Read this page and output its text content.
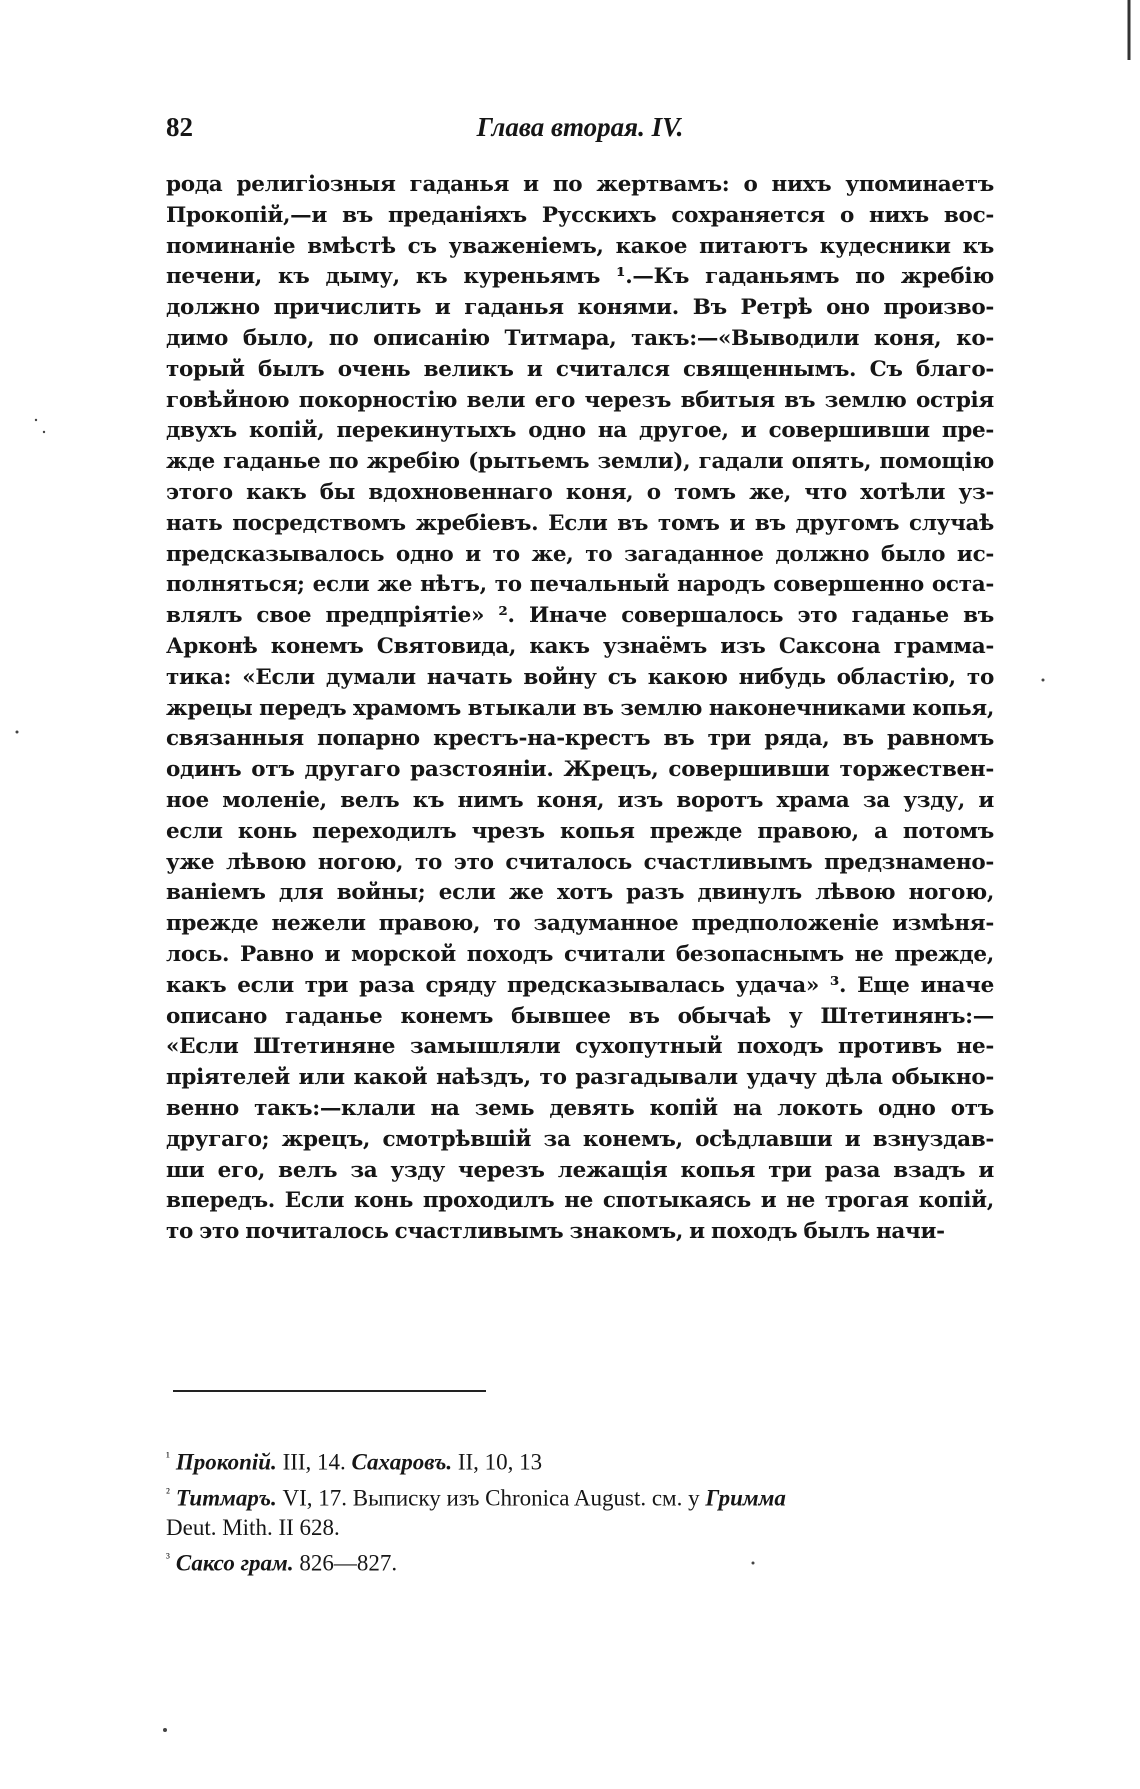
82	Глава вторая. IV.
рода религiозныя гаданья и по жертвамъ: о нихъ упоминаетъ
Прокопiй,—и въ преданiяхъ Русскихъ сохраняется о нихъ вос-
поминанiе вмѣстѣ съ уваженiемъ, какое питаютъ кудесники къ
печени, къ дыму, къ куреньямъ ¹.—Къ гаданьямъ по жребiю
должно причислить и гаданья конями. Въ Ретрѣ оно произво-
димо было, по описанiю Титмара, такъ:—«Выводили коня, ко-
торый былъ очень великъ и считался священнымъ. Съ благо-
говѣйною покорностiю вели его черезъ вбитыя въ землю острiя
двухъ копiй, перекинутыхъ одно на другое, и совершивши пре-
жде гаданье по жребiю (рытьемъ земли), гадали опять, помощiю
этого какъ бы вдохновеннаго коня, о томъ же, что хотѣли уз-
нать посредствомъ жребiевъ. Если въ томъ и въ другомъ случаѣ
предсказывалось одно и то же, то загаданное должно было ис-
полняться; если же нѣтъ, то печальный народъ совершенно оста-
влялъ свое предпрiятiе» ². Иначе совершалось это гаданье въ
Арконѣ конемъ Святовида, какъ узнаёмъ изъ Саксона грамма-
тика: «Если думали начать войну съ какою нибудь областiю, то
жрецы передъ храмомъ втыкали въ землю наконечниками копья,
связанныя попарно крестъ-на-крестъ въ три ряда, въ равномъ
одинъ отъ другаго разстоянiи. Жрецъ, совершивши торжествен-
ное моленiе, велъ къ нимъ коня, изъ воротъ храма за узду, и
если конь переходилъ чрезъ копья прежде правою, а потомъ
уже лѣвою ногою, то это считалось счастливымъ предзнамено-
ванiемъ для войны; если же хотъ разъ двинулъ лѣвою ногою,
прежде нежели правою, то задуманное предположенiе измѣня-
лось. Равно и морской походъ считали безопаснымъ не прежде,
какъ если три раза сряду предсказывалась удача» ³. Еще иначе
описано гаданье конемъ бывшее въ обычаѣ у Штетинянъ:—
«Если Штетиняне замышляли сухопутный походъ противъ не-
прiятелей или какой наѣздъ, то разгадывали удачу дѣла обыкно-
венно такъ:—клали на земь девять копiй на локоть одно отъ
другаго; жрецъ, смотрѣвшiй за конемъ, осѣдлавши и взнуздав-
ши его, велъ за узду черезъ лежащiя копья три раза взадъ и
впередъ. Если конь проходилъ не спотыкаясь и не трогая копiй,
то это почиталось счастливымъ знакомъ, и походъ былъ начи-
$^{^1}$ Прокопiй. III, 14. Сахаровъ. II, 10, 13
$^{^2}$ Титмаръ. VI, 17. Выписку изъ Chronica August. см. у Гримма
Deut. Mith. II 628.
$^{^3}$ Саксо грам. 826—827.
